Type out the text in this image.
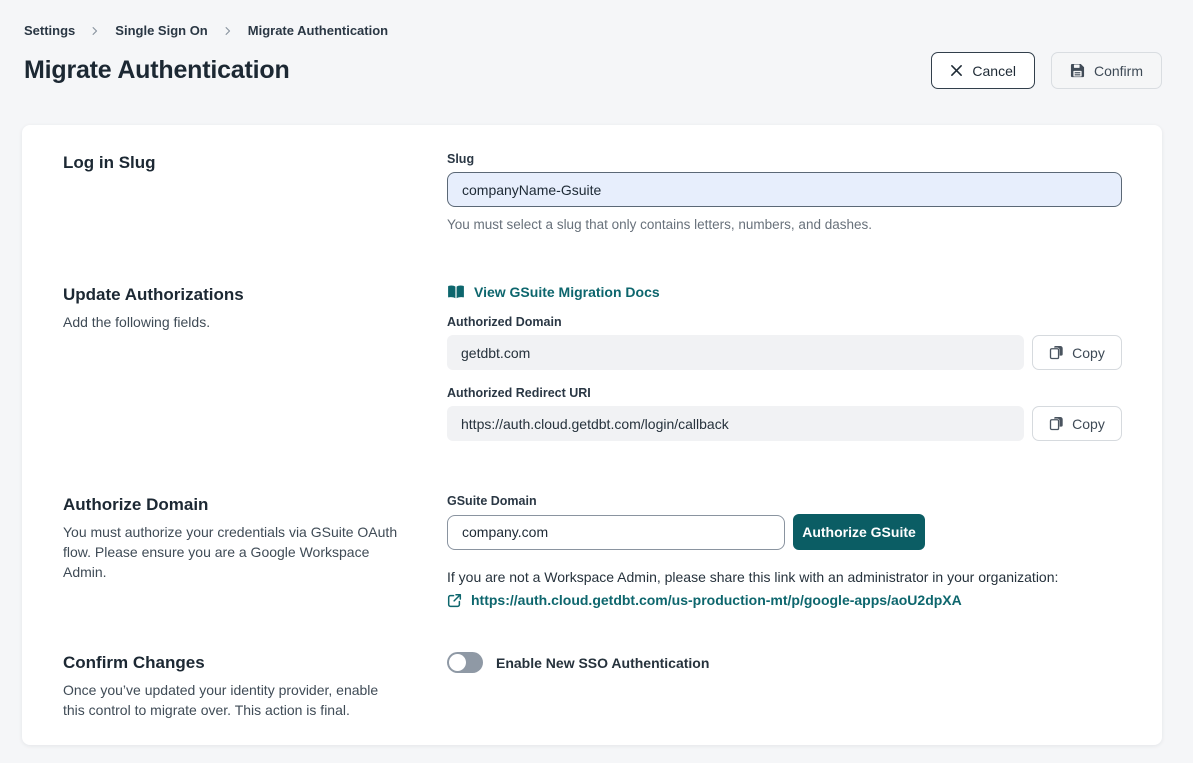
Settings	Single Sign On	Migrate Authentication
Migrate Authentication	Cancel	Confirm
Log in Slug	Slug
companyName-Gsuite
You must select a slug that only contains letters, numbers, and dashes.
Update Authorizations

Add the following fields.

View GSuite Migration Docs
Authorized Domain
getdbt.com	Copy
Authorized Redirect URI
https://auth.cloud.getdbt.com/login/callback	Copy
Authorize Domain

You must authorize your credentials via GSuite OAuth flow. Please ensure you are a Google Workspace Admin.

GSuite Domain
company.com
Authorize GSuite
If you are not a Workspace Admin, please share this link with an administrator in your organization:
https://auth.cloud.getdbt.com/us-production-mt/p/google-apps/aoU2dpXA
Confirm Changes

Once you’ve updated your identity provider, enable this control to migrate over. This action is final.

Enable New SSO Authentication
